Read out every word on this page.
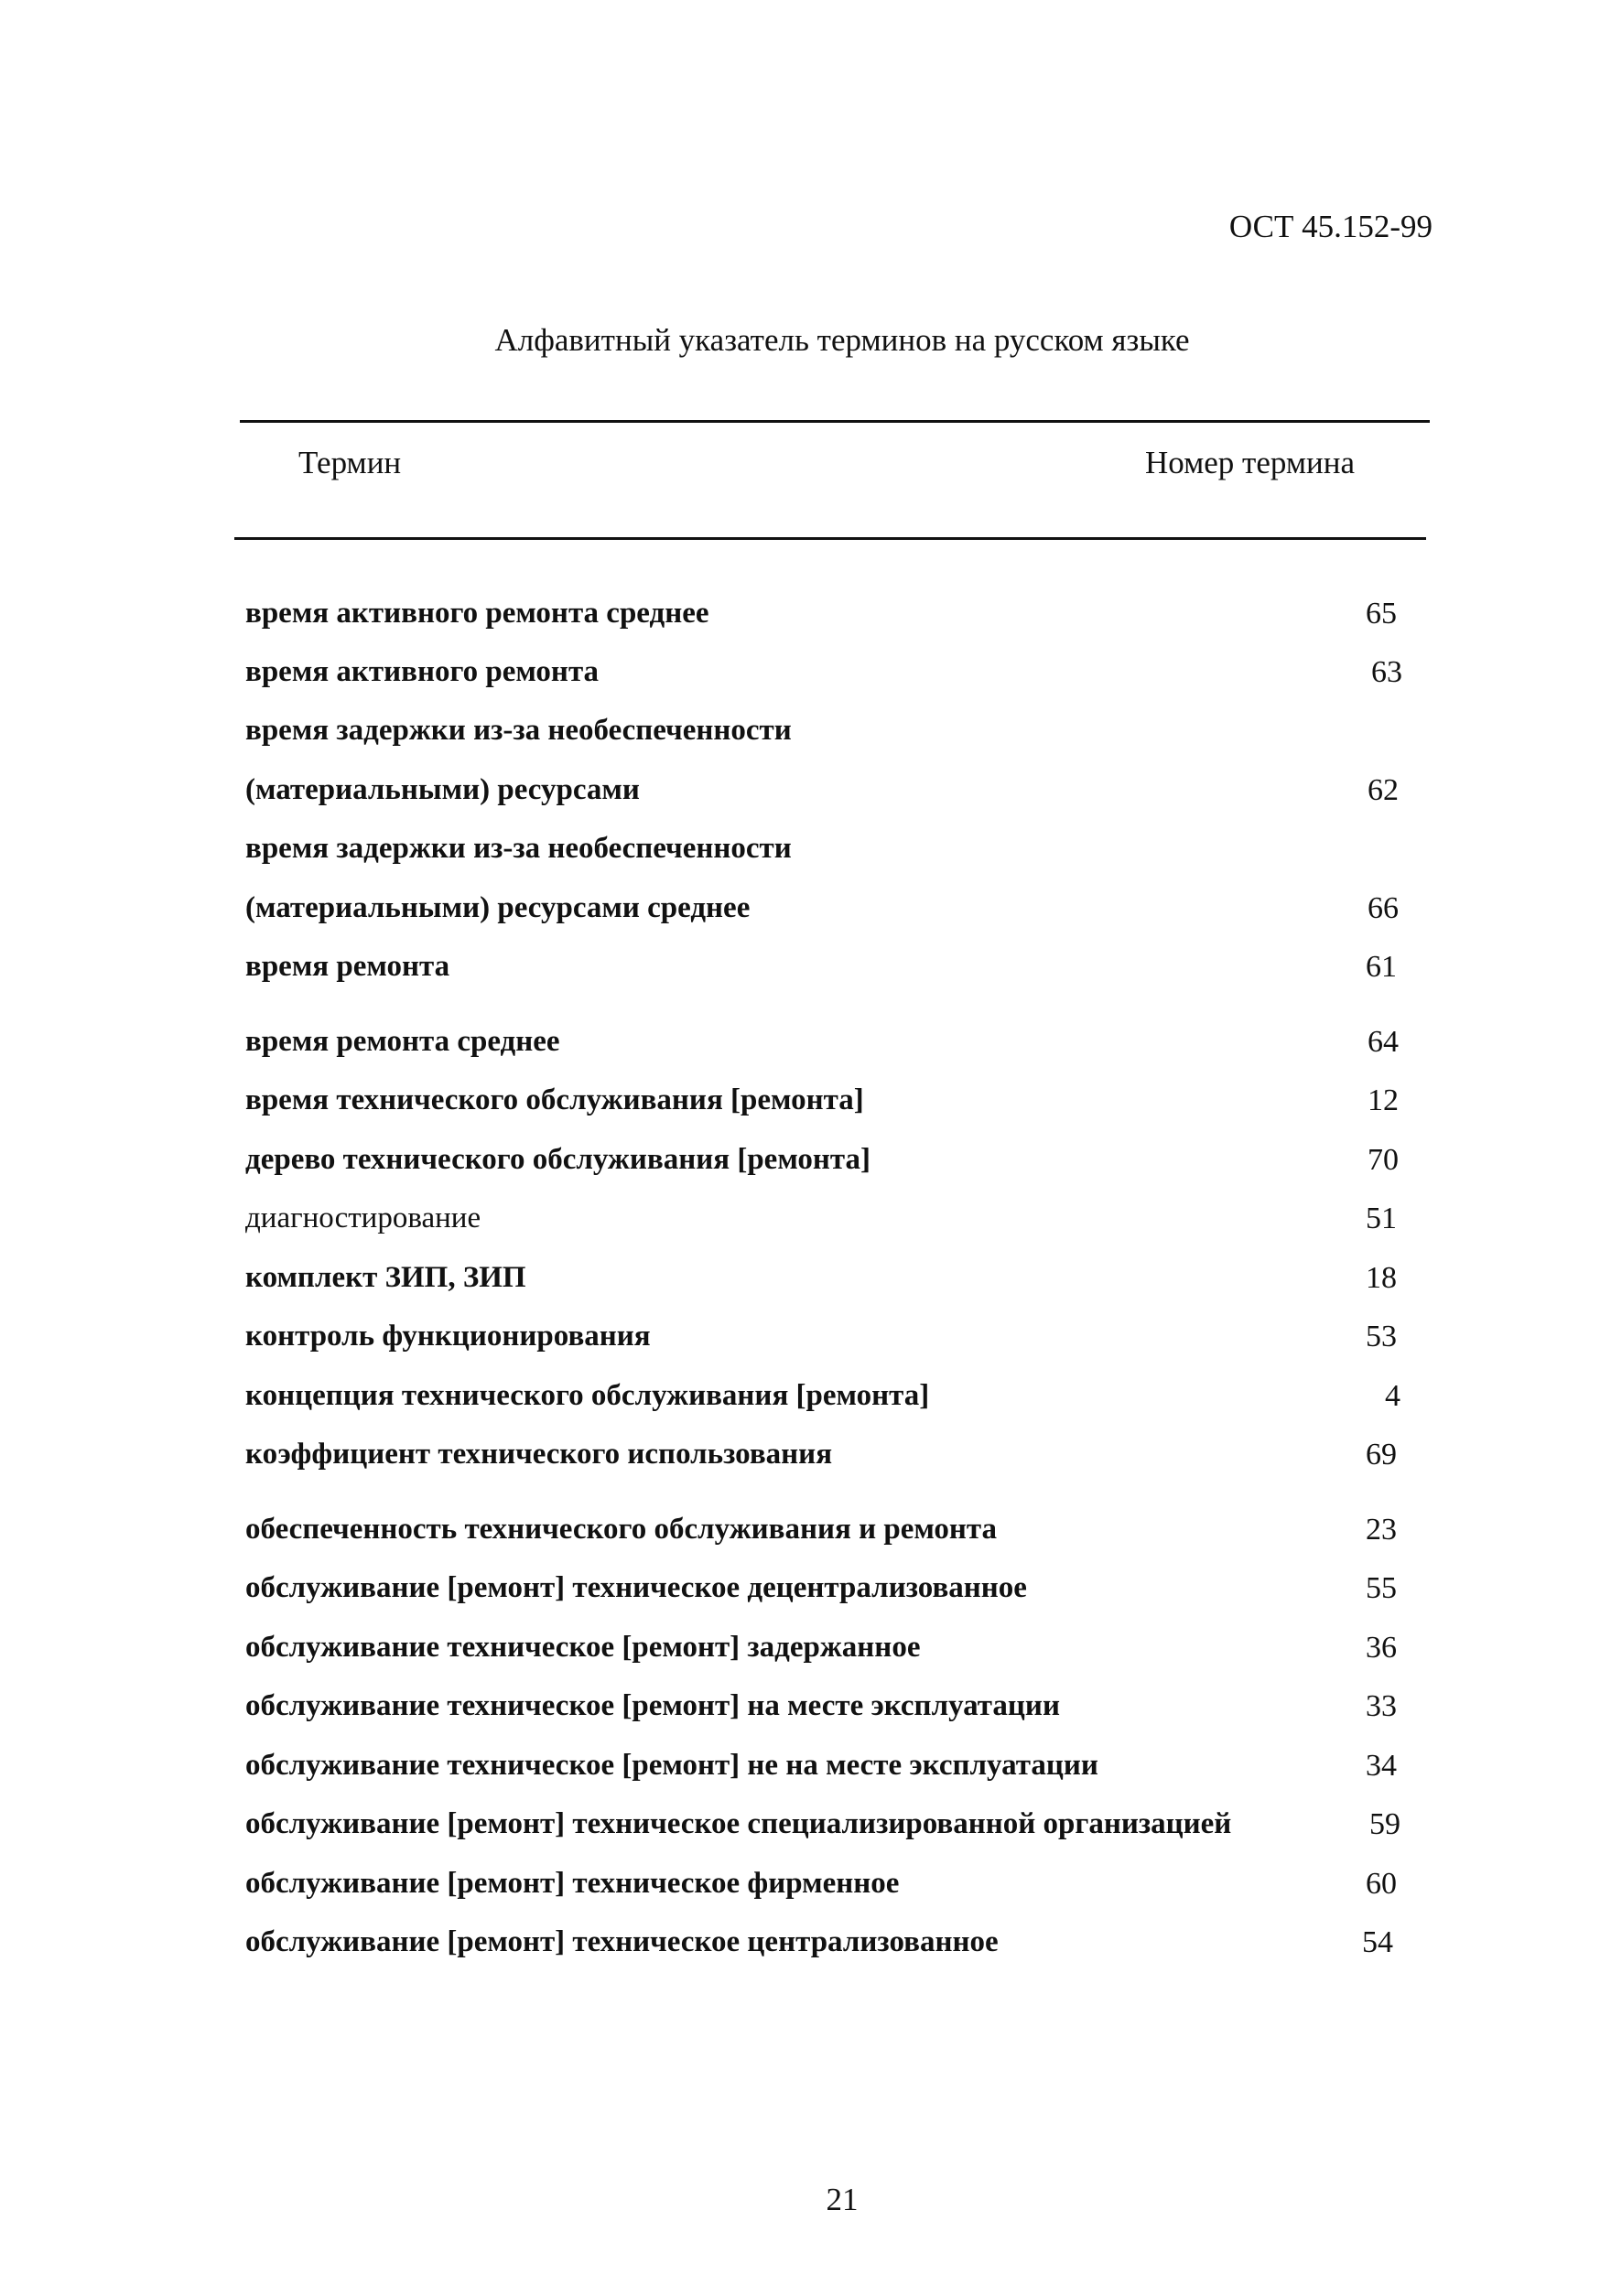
ОСТ 45.152-99
Алфавитный указатель терминов на русском языке
Термин	Номер термина
время активного ремонта среднее	65
время активного ремонта	63
время задержки из-за необеспеченности
(материальными) ресурсами	62
время задержки из-за необеспеченности
(материальными) ресурсами среднее	66
время ремонта	61
время ремонта среднее	64
время технического обслуживания [ремонта]	12
дерево технического обслуживания [ремонта]	70
диагностирование	51
комплект ЗИП, ЗИП	18
контроль функционирования	53
концепция технического обслуживания [ремонта]	4
коэффициент технического использования	69
обеспеченность технического обслуживания и ремонта	23
обслуживание [ремонт] техническое децентрализованное	55
обслуживание техническое [ремонт] задержанное	36
обслуживание техническое [ремонт] на месте эксплуатации	33
обслуживание техническое [ремонт] не на месте эксплуатации	34
обслуживание [ремонт] техническое специализированной организацией	59
обслуживание [ремонт] техническое фирменное	60
обслуживание [ремонт] техническое централизованное	54
21
